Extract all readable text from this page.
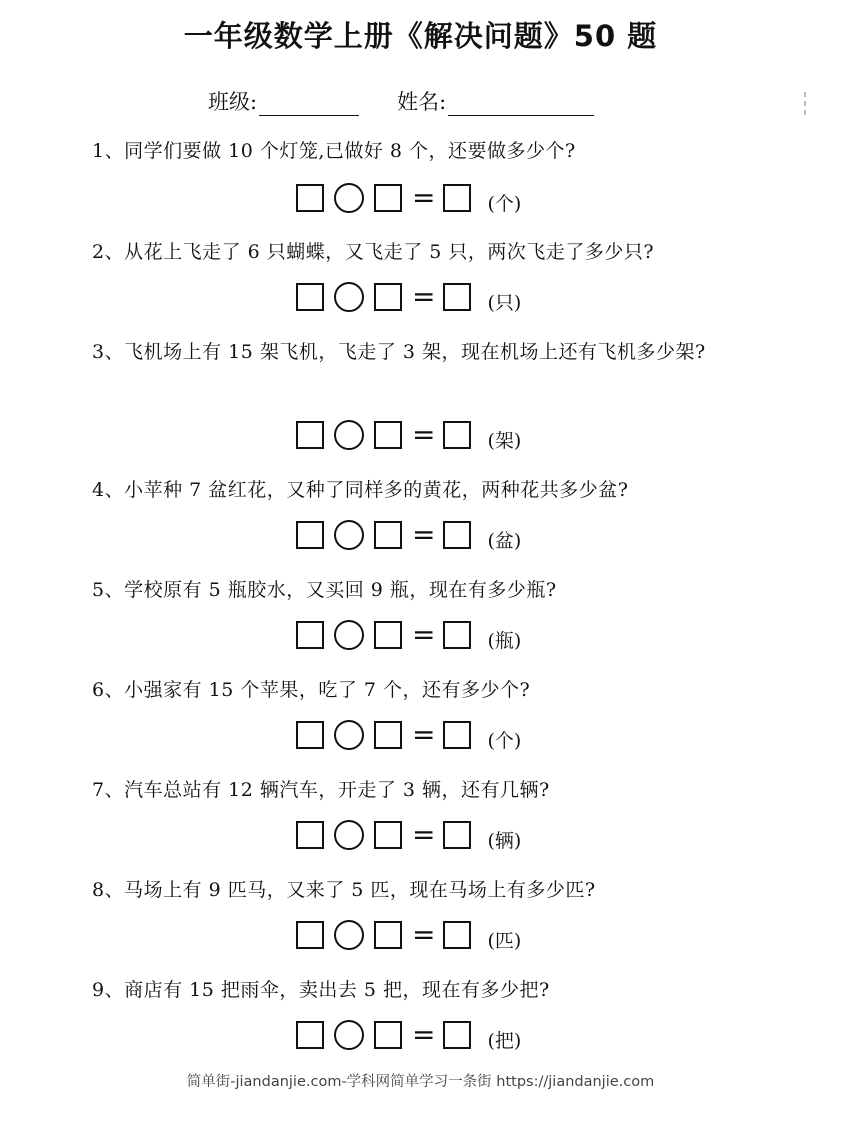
一年级数学上册《解决问题》50 题
班级:	姓名:
1、同学们要做 10 个灯笼,已做好 8 个，还要做多少个?
=	(个)
2、从花上飞走了 6 只蝴蝶，又飞走了 5 只，两次飞走了多少只?
=	(只)
3、飞机场上有 15 架飞机，飞走了 3 架，现在机场上还有飞机多少架?
=	(架)
4、小苹种 7 盆红花，又种了同样多的黄花，两种花共多少盆?
=	(盆)
5、学校原有 5 瓶胶水，又买回 9 瓶，现在有多少瓶?
=	(瓶)
6、小强家有 15 个苹果，吃了 7 个，还有多少个?
=	(个)
7、汽车总站有 12 辆汽车，开走了 3 辆，还有几辆?
=	(辆)
8、马场上有 9 匹马，又来了 5 匹，现在马场上有多少匹?
=	(匹)
9、商店有 15 把雨伞，卖出去 5 把，现在有多少把?
=	(把)
简单街-jiandanjie.com-学科网简单学习一条街 https://jiandanjie.com
